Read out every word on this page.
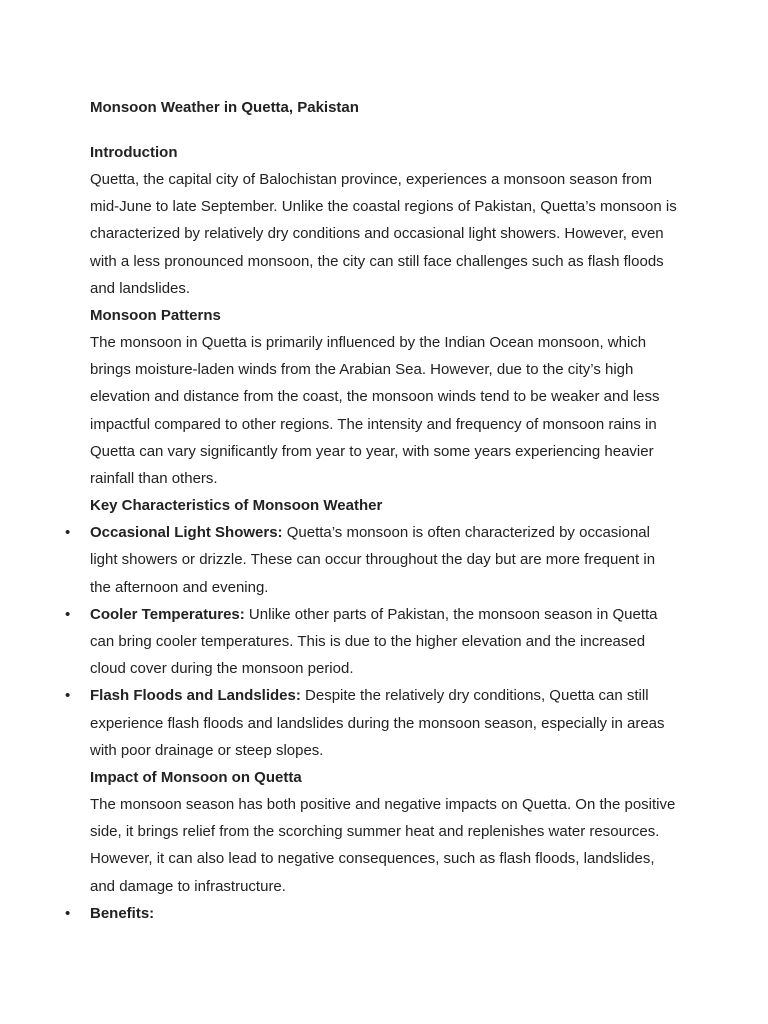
Monsoon Weather in Quetta, Pakistan
Introduction

Quetta, the capital city of Balochistan province, experiences a monsoon season from mid-June to late September. Unlike the coastal regions of Pakistan, Quetta’s monsoon is characterized by relatively dry conditions and occasional light showers. However, even with a less pronounced monsoon, the city can still face challenges such as flash floods and landslides.

Monsoon Patterns

The monsoon in Quetta is primarily influenced by the Indian Ocean monsoon, which brings moisture-laden winds from the Arabian Sea. However, due to the city’s high elevation and distance from the coast, the monsoon winds tend to be weaker and less impactful compared to other regions. The intensity and frequency of monsoon rains in Quetta can vary significantly from year to year, with some years experiencing heavier rainfall than others.

Key Characteristics of Monsoon Weather
• Occasional Light Showers: Quetta’s monsoon is often characterized by occasional light showers or drizzle. These can occur throughout the day but are more frequent in the afternoon and evening.
• Cooler Temperatures: Unlike other parts of Pakistan, the monsoon season in Quetta can bring cooler temperatures. This is due to the higher elevation and the increased cloud cover during the monsoon period.
• Flash Floods and Landslides: Despite the relatively dry conditions, Quetta can still experience flash floods and landslides during the monsoon season, especially in areas with poor drainage or steep slopes.
Impact of Monsoon on Quetta

The monsoon season has both positive and negative impacts on Quetta. On the positive side, it brings relief from the scorching summer heat and replenishes water resources. However, it can also lead to negative consequences, such as flash floods, landslides, and damage to infrastructure.

• Benefits:
